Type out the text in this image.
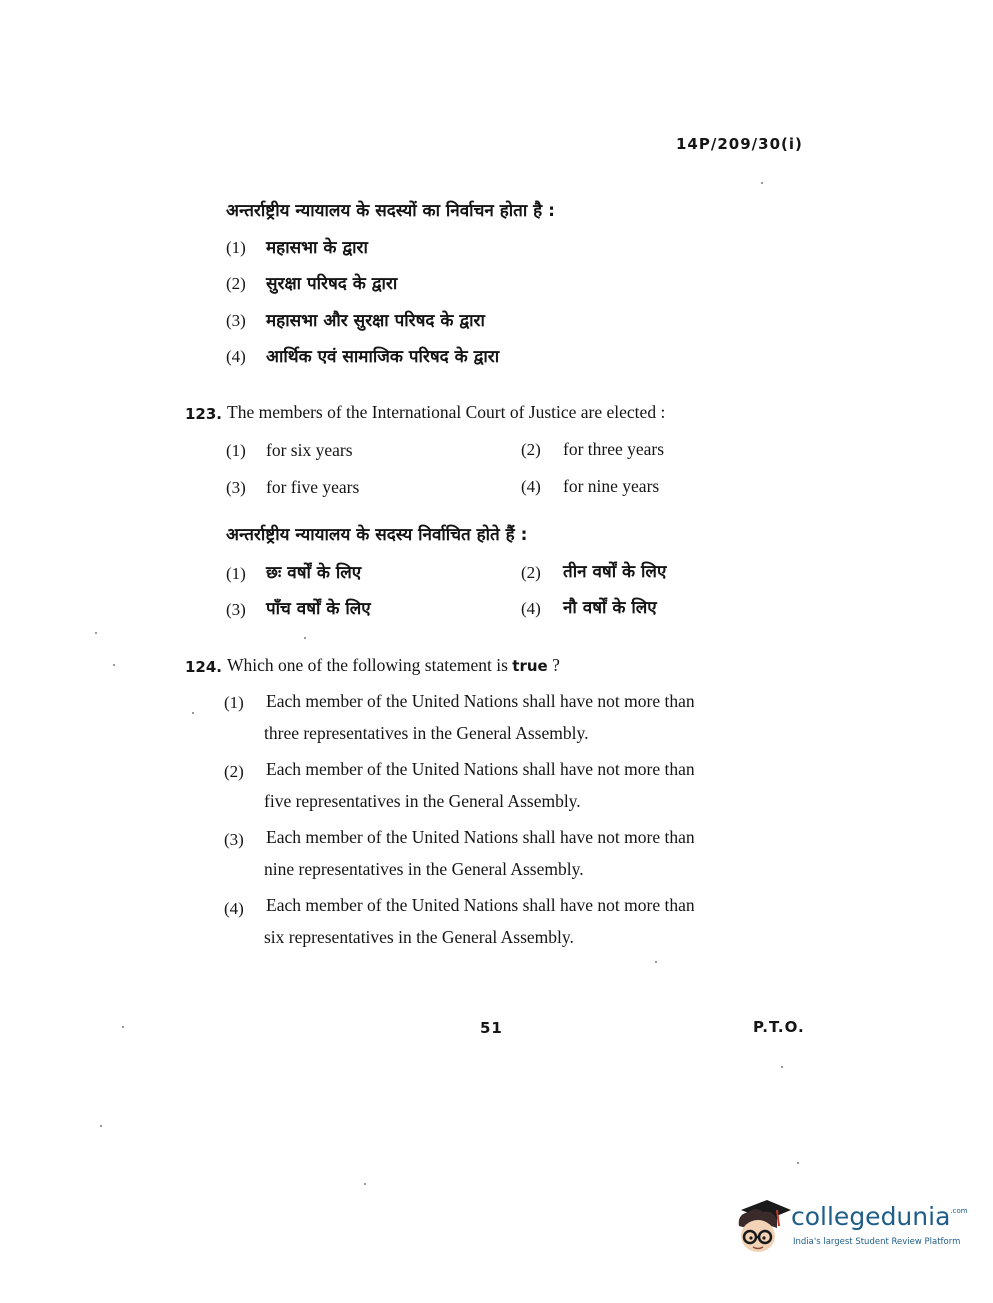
14P/209/30(i)
अन्तर्राष्ट्रीय न्यायालय के सदस्यों का निर्वाचन होता है :
(1) महासभा के द्वारा
(2) सुरक्षा परिषद के द्वारा
(3) महासभा और सुरक्षा परिषद के द्वारा
(4) आर्थिक एवं सामाजिक परिषद के द्वारा
123. The members of the International Court of Justice are elected :
(1) for six years	(2) for three years
(3) for five years	(4) for nine years
अन्तर्राष्ट्रीय न्यायालय के सदस्य निर्वाचित होते हैं :
(1) छः वर्षों के लिए	(2) तीन वर्षों के लिए
(3) पाँच वर्षों के लिए	(4) नौ वर्षों के लिए
124. Which one of the following statement is true ?
(1) Each member of the United Nations shall have not more than
three representatives in the General Assembly.
(2) Each member of the United Nations shall have not more than
five representatives in the General Assembly.
(3) Each member of the United Nations shall have not more than
nine representatives in the General Assembly.
(4) Each member of the United Nations shall have not more than
six representatives in the General Assembly.
51	P.T.O.
collegedunia$^{.com}$
India's largest Student Review Platform
